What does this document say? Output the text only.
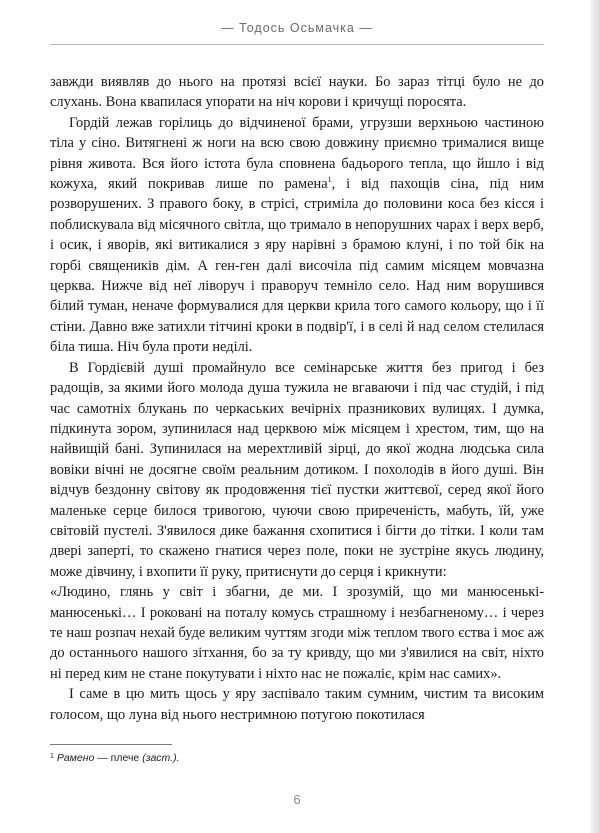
— Тодось Осьмачка —

завжди виявляв до нього на протязі всієї науки. Бо зараз тітці було не до слухань. Вона квапилася упорати на ніч корови і кричущі поросята.

Гордій лежав горілиць до відчиненої брами, угрузши верхньою частиною тіла у сіно. Витягнені ж ноги на всю свою довжину приємно трималися вище рівня живота. Вся його істота була сповнена бадьорого тепла, що йшло і від кожуха, який покривав лише по рамена$^1$, і від пахощів сіна, під ним розворушених. З правого боку, в стрісі, стриміла до половини коса без кісся і поблискувала від місячного світла, що тримало в непорушних чарах і верх верб, і осик, і яворів, які витикалися з яру нарівні з брамою клуні, і по той бік на горбі священиків дім. А ген-ген далі височіла під самим місяцем мовчазна церква. Нижче від неї ліворуч і праворуч темніло село. Над ним ворушився білий туман, неначе формувалися для церкви крила того самого кольору, що і її стіни. Давно вже затихли тітчині кроки в подвір'ї, і в селі й над селом стелилася біла тиша. Ніч була проти неділі.

В Гордієвій душі промайнуло все семінарське життя без пригод і без радощів, за якими його молода душа тужила не вгаваючи і під час студій, і під час самотніх блукань по черкаських вечірніх празникових вулицях. І думка, підкинута зором, зупинилася над церквою між місяцем і хрестом, тим, що на найвищій бані. Зупинилася на мерехтливій зірці, до якої жодна людська сила вовіки вічні не досягне своїм реальним дотиком. І похолодів в його душі. Він відчув бездонну світову як продовження тієї пустки життєвої, серед якої його маленьке серце билося тривогою, чуючи свою приреченість, мабуть, їй, уже світовій пустелі. З'явилося дике бажання схопитися і бігти до тітки. І коли там двері заперті, то скажено гнатися через поле, поки не зустріне якусь людину, може дівчину, і вхопити її руку, притиснути до серця і крикнути:

«Людино, глянь у світ і збагни, де ми. І зрозумій, що ми манюсенькі-манюсенькі… І роковані на поталу комусь страшному і незбагненому… і через те наш розпач нехай буде великим чуттям згоди між теплом твого єства і моє аж до останнього нашого зітхання, бо за ту кривду, що ми з'явилися на світ, ніхто ні перед ким не стане покутувати і ніхто нас не пожаліє, крім нас самих».

І саме в цю мить щось у яру заспівало таким сумним, чистим та високим голосом, що луна від нього нестримною потугою покотилася

$^1$ Рамено — плече (заст.).
6
